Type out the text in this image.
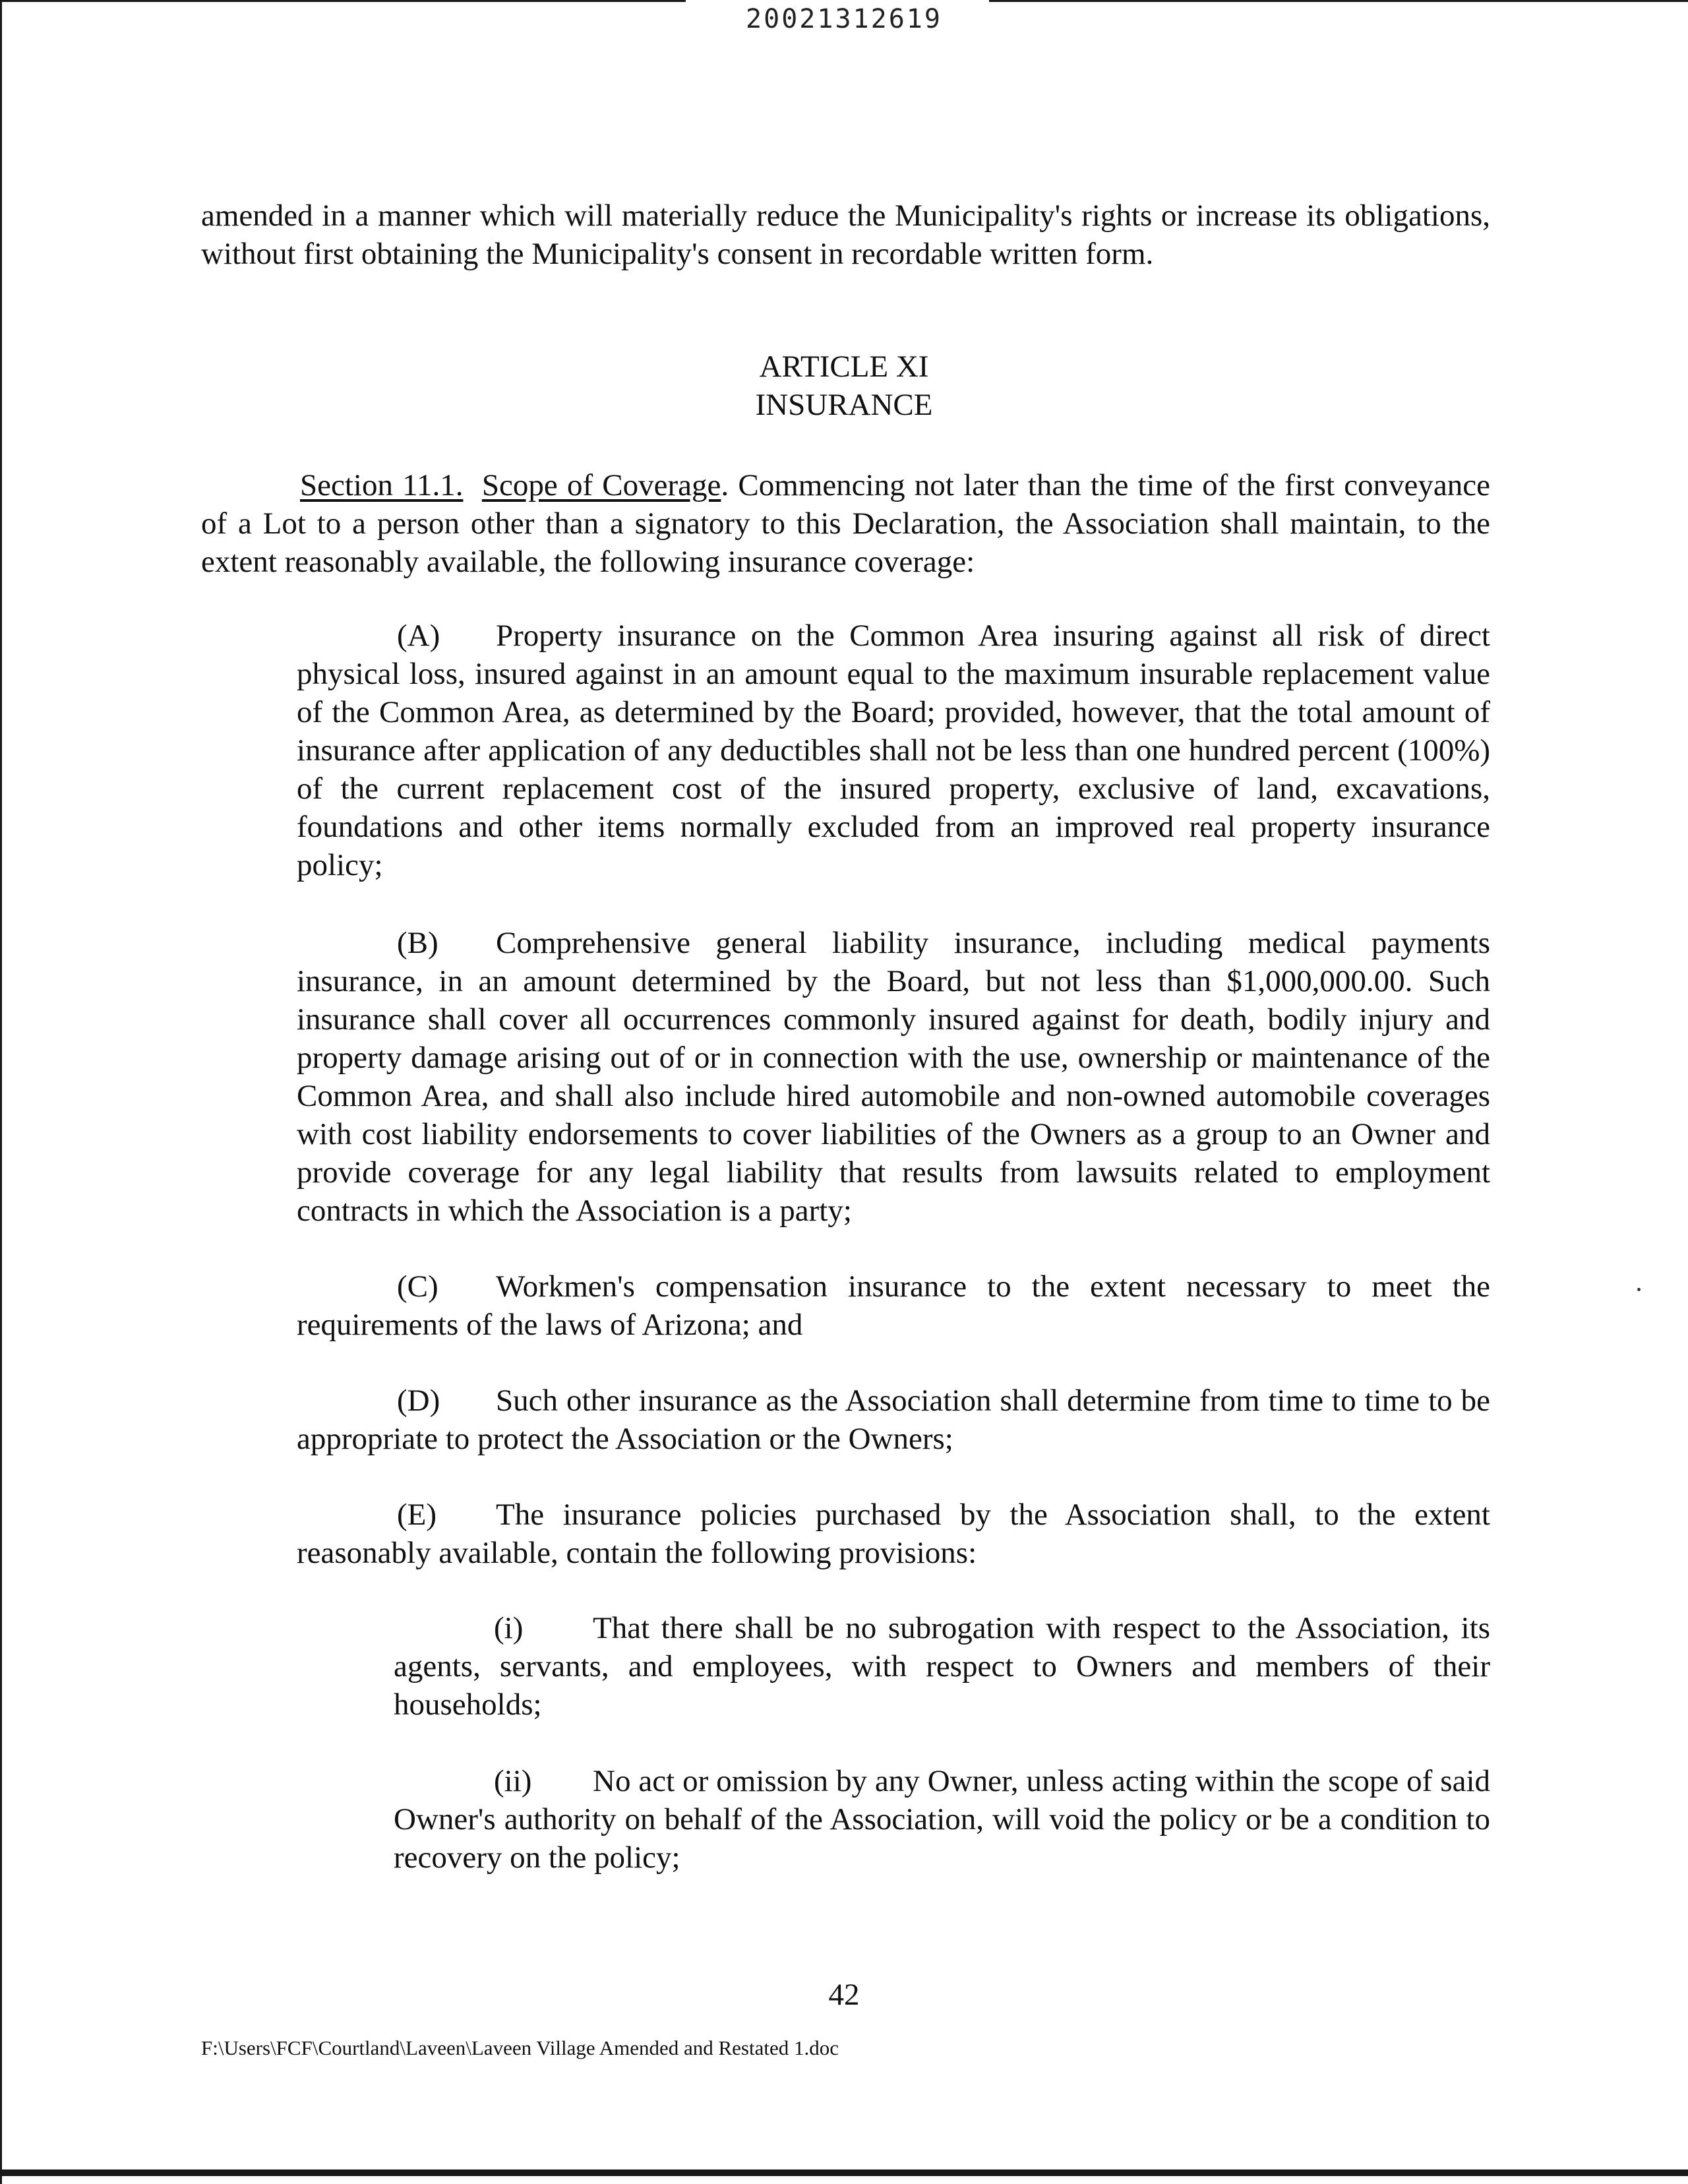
20021312619

amended in a manner which will materially reduce the Municipality's rights or increase its obligations, without first obtaining the Municipality's consent in recordable written form.

ARTICLE XI
INSURANCE

Section 11.1. Scope of Coverage. Commencing not later than the time of the first conveyance of a Lot to a person other than a signatory to this Declaration, the Association shall maintain, to the extent reasonably available, the following insurance coverage:

(A) Property insurance on the Common Area insuring against all risk of direct physical loss, insured against in an amount equal to the maximum insurable replacement value of the Common Area, as determined by the Board; provided, however, that the total amount of insurance after application of any deductibles shall not be less than one hundred percent (100%) of the current replacement cost of the insured property, exclusive of land, excavations, foundations and other items normally excluded from an improved real property insurance policy;

(B) Comprehensive general liability insurance, including medical payments insurance, in an amount determined by the Board, but not less than $1,000,000.00. Such insurance shall cover all occurrences commonly insured against for death, bodily injury and property damage arising out of or in connection with the use, ownership or maintenance of the Common Area, and shall also include hired automobile and non-owned automobile coverages with cost liability endorsements to cover liabilities of the Owners as a group to an Owner and provide coverage for any legal liability that results from lawsuits related to employment contracts in which the Association is a party;

(C) Workmen's compensation insurance to the extent necessary to meet the requirements of the laws of Arizona; and

(D) Such other insurance as the Association shall determine from time to time to be appropriate to protect the Association or the Owners;

(E) The insurance policies purchased by the Association shall, to the extent reasonably available, contain the following provisions:

(i) That there shall be no subrogation with respect to the Association, its agents, servants, and employees, with respect to Owners and members of their households;

(ii) No act or omission by any Owner, unless acting within the scope of said Owner's authority on behalf of the Association, will void the policy or be a condition to recovery on the policy;

42
F:\Users\FCF\Courtland\Laveen\Laveen Village Amended and Restated 1.doc
